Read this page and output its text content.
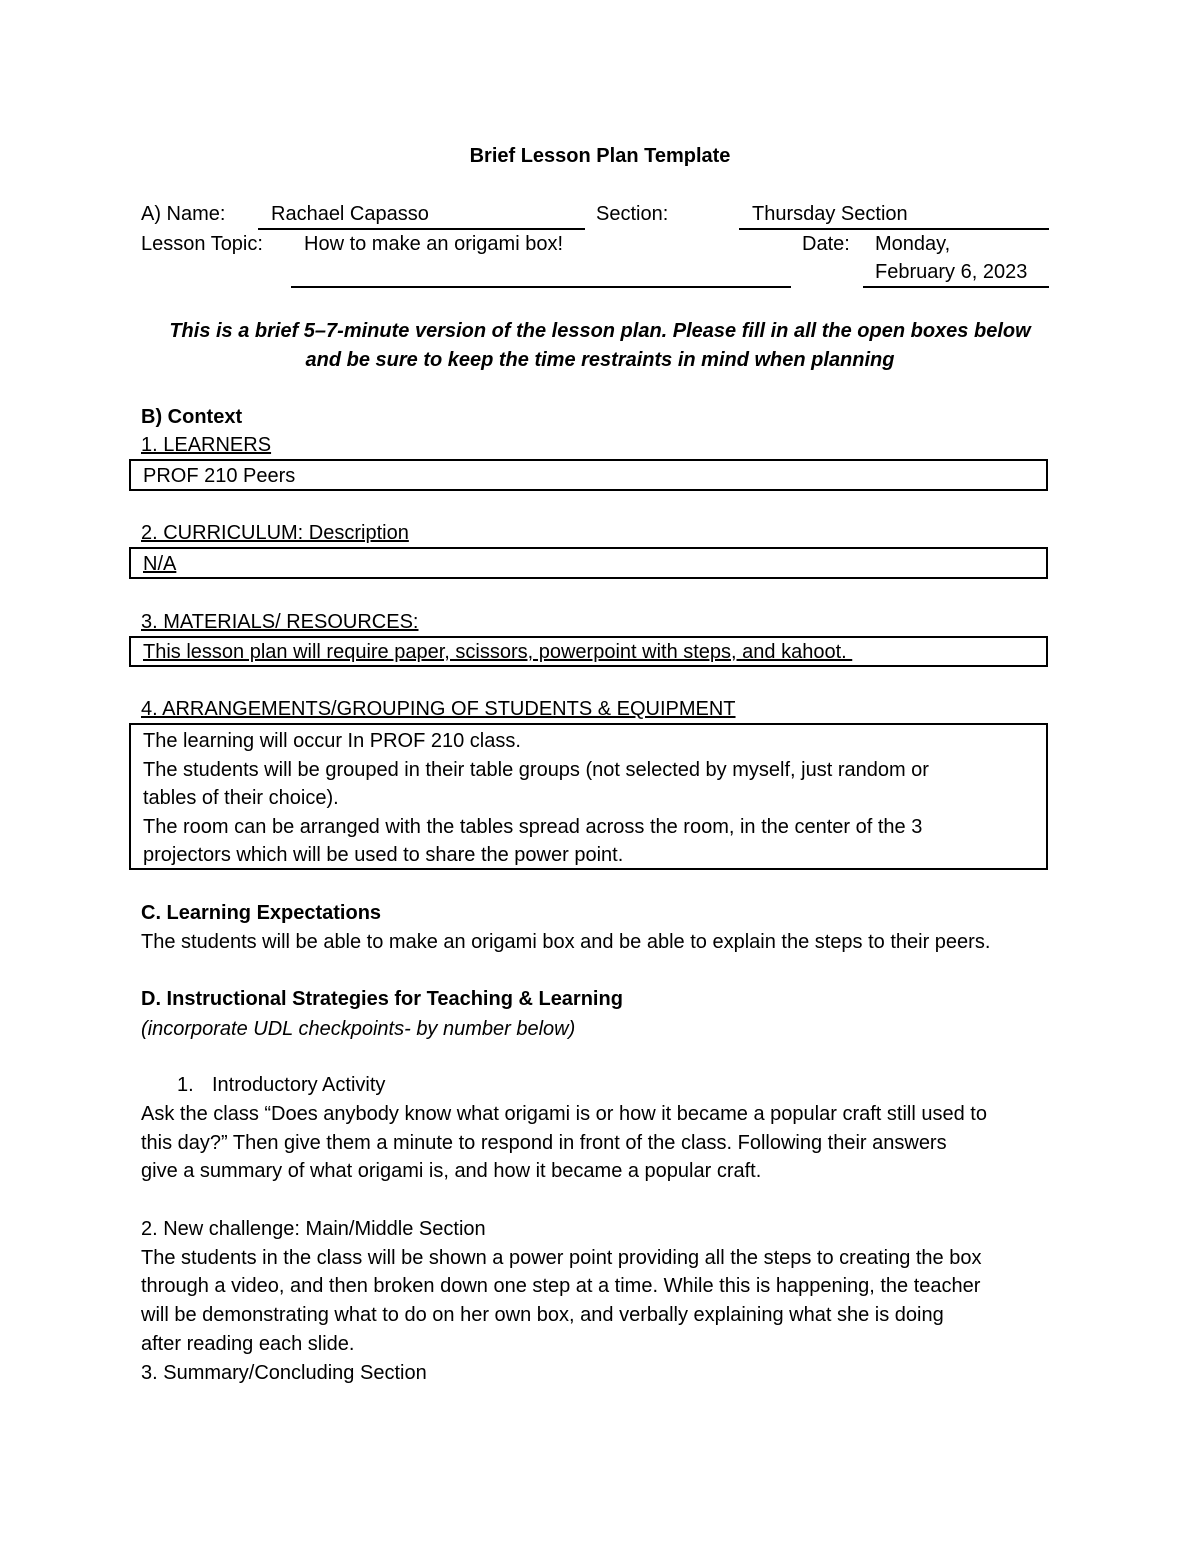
Brief Lesson Plan Template
A) Name: Rachael Capasso	Section:	Thursday Section
Lesson Topic: How to make an origami box!	Date: Monday,
February 6, 2023
This is a brief 5–7-minute version of the lesson plan. Please fill in all the open boxes below
and be sure to keep the time restraints in mind when planning
B) Context
1. LEARNERS
PROF 210 Peers
2. CURRICULUM: Description
N/A
3. MATERIALS/ RESOURCES:
This lesson plan will require paper, scissors, powerpoint with steps, and kahoot.
4. ARRANGEMENTS/GROUPING OF STUDENTS & EQUIPMENT
The learning will occur In PROF 210 class.
The students will be grouped in their table groups (not selected by myself, just random or
tables of their choice).
The room can be arranged with the tables spread across the room, in the center of the 3
projectors which will be used to share the power point.
C. Learning Expectations
The students will be able to make an origami box and be able to explain the steps to their peers.
D. Instructional Strategies for Teaching & Learning
(incorporate UDL checkpoints- by number below)
1. Introductory Activity
Ask the class “Does anybody know what origami is or how it became a popular craft still used to
this day?” Then give them a minute to respond in front of the class. Following their answers
give a summary of what origami is, and how it became a popular craft.
2. New challenge: Main/Middle Section
The students in the class will be shown a power point providing all the steps to creating the box
through a video, and then broken down one step at a time. While this is happening, the teacher
will be demonstrating what to do on her own box, and verbally explaining what she is doing
after reading each slide.
3. Summary/Concluding Section
